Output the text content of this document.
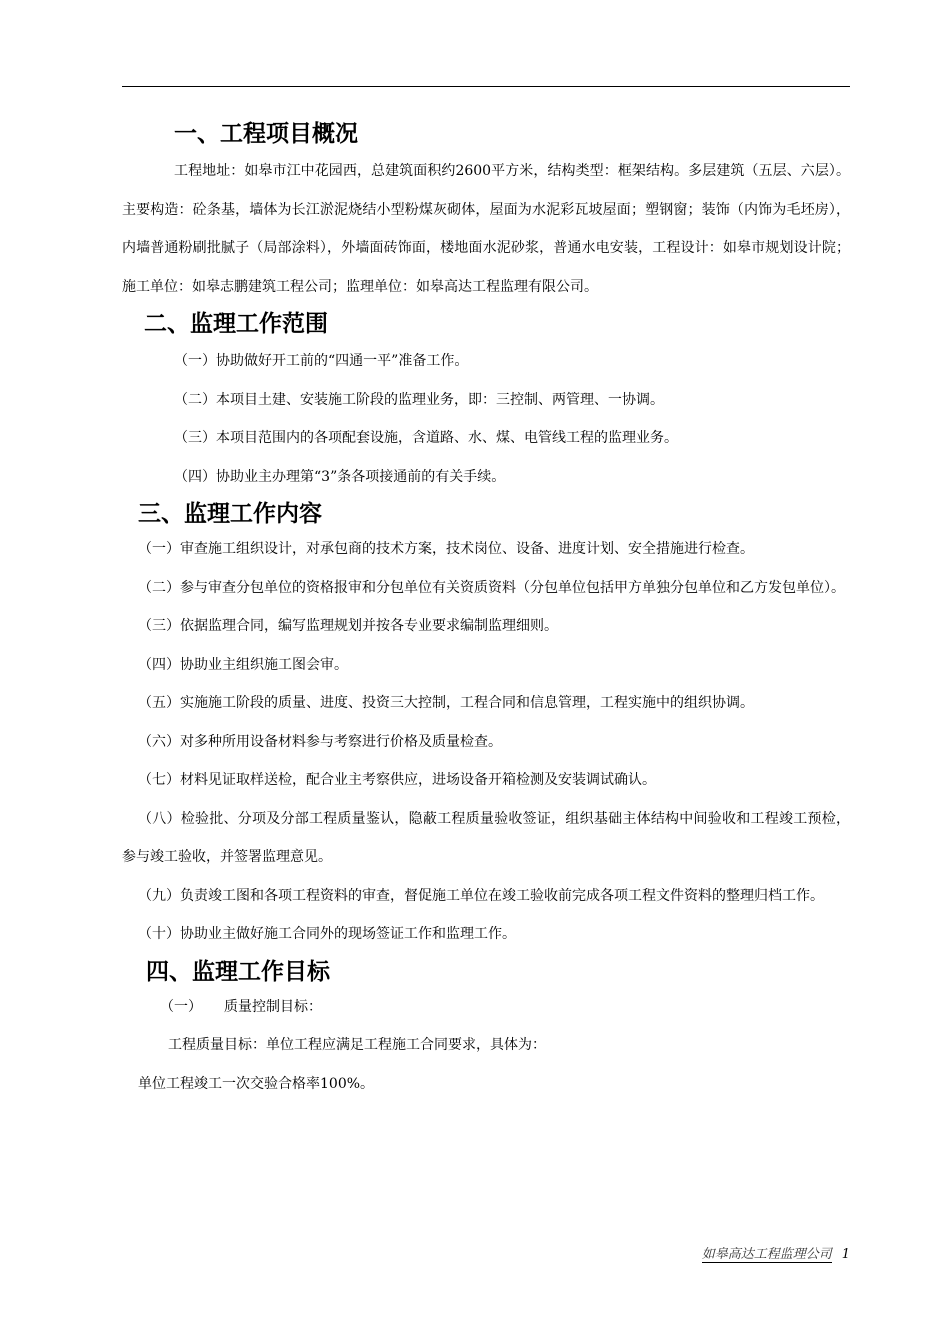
一、工程项目概况

工程地址：如皋市江中花园西，总建筑面积约2600平方米，结构类型：框架结构。多层建筑（五层、六层）。主要构造：砼条基，墙体为长江淤泥烧结小型粉煤灰砌体，屋面为水泥彩瓦坡屋面；塑钢窗；装饰（内饰为毛坯房），内墙普通粉刷批腻子（局部涂料），外墙面砖饰面，楼地面水泥砂浆，普通水电安装，工程设计：如皋市规划设计院；施工单位：如皋志鹏建筑工程公司；监理单位：如皋高达工程监理有限公司。

二、监理工作范围
（一）协助做好开工前的“四通一平”准备工作。
（二）本项目土建、安装施工阶段的监理业务，即：三控制、两管理、一协调。
（三）本项目范围内的各项配套设施，含道路、水、煤、电管线工程的监理业务。
（四）协助业主办理第“3”条各项接通前的有关手续。
三、监理工作内容
（一）审查施工组织设计，对承包商的技术方案，技术岗位、设备、进度计划、安全措施进行检查。

（二）参与审查分包单位的资格报审和分包单位有关资质资料（分包单位包括甲方单独分包单位和乙方发包单位）。

（三）依据监理合同，编写监理规划并按各专业要求编制监理细则。
（四）协助业主组织施工图会审。
（五）实施施工阶段的质量、进度、投资三大控制，工程合同和信息管理，工程实施中的组织协调。
（六）对多种所用设备材料参与考察进行价格及质量检查。
（七）材料见证取样送检，配合业主考察供应，进场设备开箱检测及安装调试确认。

（八）检验批、分项及分部工程质量鉴认，隐蔽工程质量验收签证，组织基础主体结构中间验收和工程竣工预检，参与竣工验收，并签署监理意见。

（九）负责竣工图和各项工程资料的审查，督促施工单位在竣工验收前完成各项工程文件资料的整理归档工作。

（十）协助业主做好施工合同外的现场签证工作和监理工作。
四、监理工作目标
（一） 质量控制目标：
工程质量目标：单位工程应满足工程施工合同要求，具体为：
单位工程竣工一次交验合格率100%。
如皋高达工程监理公司 1
